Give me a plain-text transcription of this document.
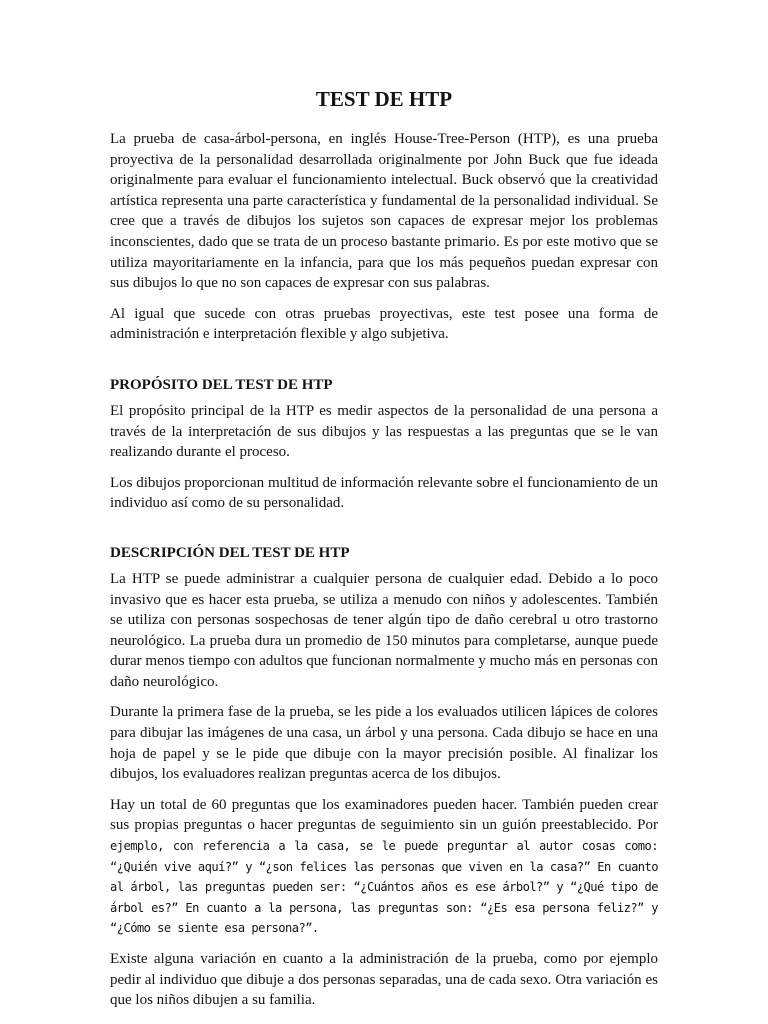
TEST DE HTP

La prueba de casa-árbol-persona, en inglés House-Tree-Person (HTP), es una prueba proyectiva de la personalidad desarrollada originalmente por John Buck que fue ideada originalmente para evaluar el funcionamiento intelectual. Buck observó que la creatividad artística representa una parte característica y fundamental de la personalidad individual. Se cree que a través de dibujos los sujetos son capaces de expresar mejor los problemas inconscientes, dado que se trata de un proceso bastante primario. Es por este motivo que se utiliza mayoritariamente en la infancia, para que los más pequeños puedan expresar con sus dibujos lo que no son capaces de expresar con sus palabras.

Al igual que sucede con otras pruebas proyectivas, este test posee una forma de administración e interpretación flexible y algo subjetiva.

PROPÓSITO DEL TEST DE HTP

El propósito principal de la HTP es medir aspectos de la personalidad de una persona a través de la interpretación de sus dibujos y las respuestas a las preguntas que se le van realizando durante el proceso.

Los dibujos proporcionan multitud de información relevante sobre el funcionamiento de un individuo así como de su personalidad.

DESCRIPCIÓN DEL TEST DE HTP

La HTP se puede administrar a cualquier persona de cualquier edad. Debido a lo poco invasivo que es hacer esta prueba, se utiliza a menudo con niños y adolescentes. También se utiliza con personas sospechosas de tener algún tipo de daño cerebral u otro trastorno neurológico. La prueba dura un promedio de 150 minutos para completarse, aunque puede durar menos tiempo con adultos que funcionan normalmente y mucho más en personas con daño neurológico.

Durante la primera fase de la prueba, se les pide a los evaluados utilicen lápices de colores para dibujar las imágenes de una casa, un árbol y una persona. Cada dibujo se hace en una hoja de papel y se le pide que dibuje con la mayor precisión posible. Al finalizar los dibujos, los evaluadores realizan preguntas acerca de los dibujos.

Hay un total de 60 preguntas que los examinadores pueden hacer. También pueden crear sus propias preguntas o hacer preguntas de seguimiento sin un guión preestablecido. Por ejemplo, con referencia a la casa, se le puede preguntar al autor cosas como: “¿Quién vive aquí?” y “¿son felices las personas que viven en la casa?” En cuanto al árbol, las preguntas pueden ser: “¿Cuántos años es ese árbol?” y “¿Qué tipo de árbol es?” En cuanto a la persona, las preguntas son: “¿Es esa persona feliz?” y “¿Cómo se siente esa persona?”.

Existe alguna variación en cuanto a la administración de la prueba, como por ejemplo pedir al individuo que dibuje a dos personas separadas, una de cada sexo. Otra variación es que los niños dibujen a su familia.
